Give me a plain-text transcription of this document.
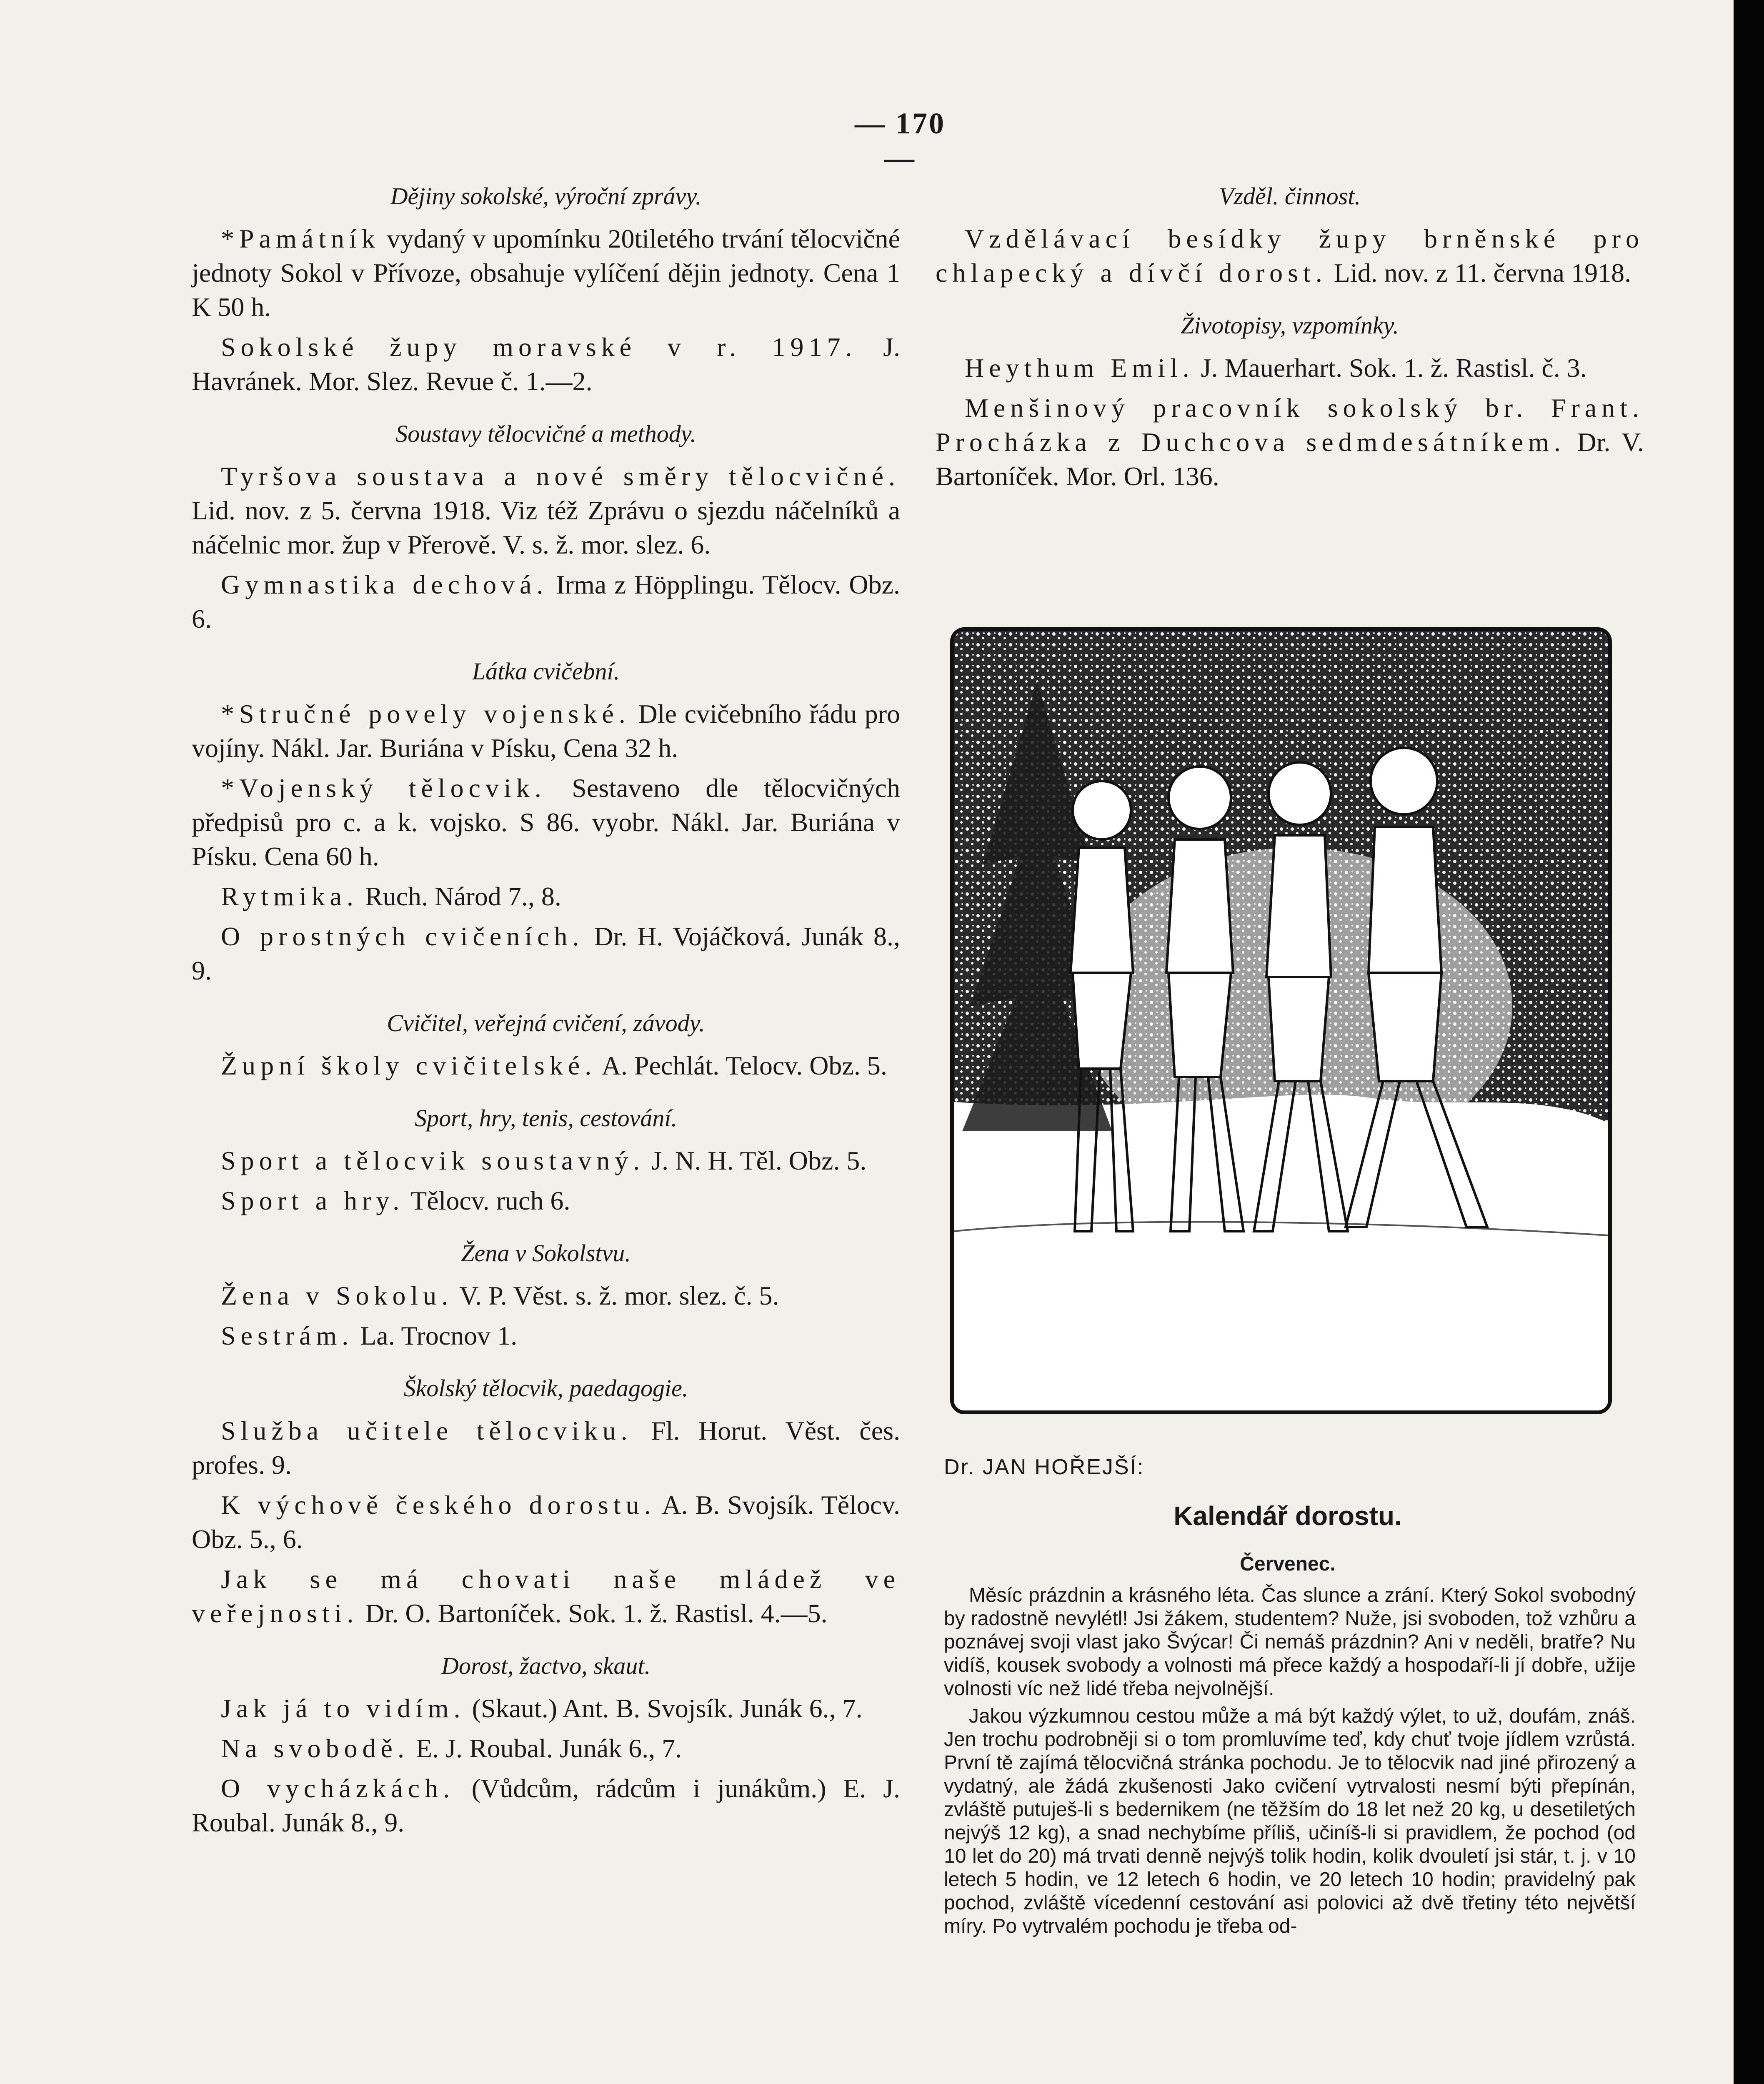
— 170 —
Dějiny sokolské, výroční zprávy.
*Památník vydaný v upomínku 20tiletého trvání tělocvičné jednoty Sokol v Přívoze, obsahuje vylíčení dějin jednoty. Cena 1 K 50 h.
Sokolské župy moravské v r. 1917. J. Havránek. Mor. Slez. Revue č. 1.—2.
Soustavy tělocvičné a methody.
Tyršova soustava a nové směry tělocvičné. Lid. nov. z 5. června 1918. Viz též Zprávu o sjezdu náčelníků a náčelnic mor. žup v Přerově. V. s. ž. mor. slez. 6.
Gymnastika dechová. Irma z Höpplingu. Tělocv. Obz. 6.
Látka cvičební.
*Stručné povely vojenské. Dle cvičebního řádu pro vojíny. Nákl. Jar. Buriána v Písku, Cena 32 h.
*Vojenský tělocvik. Sestaveno dle tělocvičných předpisů pro c. a k. vojsko. S 86. vyobr. Nákl. Jar. Buriána v Písku. Cena 60 h.
Rytmika. Ruch. Národ 7., 8.
O prostných cvičeních. Dr. H. Vojáčková. Junák 8., 9.
Cvičitel, veřejná cvičení, závody.
Župní školy cvičitelské. A. Pechlát. Telocv. Obz. 5.
Sport, hry, tenis, cestování.
Sport a tělocvik soustavný. J. N. H. Těl. Obz. 5.
Sport a hry. Tělocv. ruch 6.
Žena v Sokolstvu.
Žena v Sokolu. V. P. Věst. s. ž. mor. slez. č. 5.
Sestrám. La. Trocnov 1.
Školský tělocvik, paedagogie.
Služba učitele tělocviku. Fl. Horut. Věst. čes. profes. 9.
K výchově českého dorostu. A. B. Svojsík. Tělocv. Obz. 5., 6.
Jak se má chovati naše mládež ve veřejnosti. Dr. O. Bartoníček. Sok. 1. ž. Rastisl. 4.—5.
Dorost, žactvo, skaut.
Jak já to vidím. (Skaut.) Ant. B. Svojsík. Junák 6., 7.
Na svobodě. E. J. Roubal. Junák 6., 7.
O vycházkách. (Vůdcům, rádcům i junákům.) E. J. Roubal. Junák 8., 9.
Vzděl. činnost.
Vzdělávací besídky župy brněnské pro chlapecký a dívčí dorost. Lid. nov. z 11. června 1918.
Životopisy, vzpomínky.
Heythum Emil. J. Mauerhart. Sok. 1. ž. Rastisl. č. 3.
Menšinový pracovník sokolský br. Frant. Procházka z Duchcova sedmdesátníkem. Dr. V. Bartoníček. Mor. Orl. 136.
Dr. JAN HOŘEJŠÍ:
Kalendář dorostu.
Červenec.

Měsíc prázdnin a krásného léta. Čas slunce a zrání. Který Sokol svobodný by radostně nevylétl! Jsi žákem, studentem? Nuže, jsi svoboden, tož vzhůru a poznávej svoji vlast jako Švýcar! Či nemáš prázdnin? Ani v neděli, bratře? Nu vidíš, kousek svobody a volnosti má přece každý a hospodaří-li jí dobře, užije volnosti víc než lidé třeba nejvolnější.

Jakou výzkumnou cestou může a má být každý výlet, to už, doufám, znáš. Jen trochu podrobněji si o tom promluvíme teď, kdy chuť tvoje jídlem vzrůstá. První tě zajímá tělocvičná stránka pochodu. Je to tělocvik nad jiné přirozený a vydatný, ale žádá zkušenosti Jako cvičení vytrvalosti nesmí býti přepínán, zvláště putuješ-li s bedernikem (ne těžším do 18 let než 20 kg, u desetiletých nejvýš 12 kg), a snad nechybíme příliš, učiníš-li si pravidlem, že pochod (od 10 let do 20) má trvati denně nejvýš tolik hodin, kolik dvouletí jsi stár, t. j. v 10 letech 5 hodin, ve 12 letech 6 hodin, ve 20 letech 10 hodin; pravidelný pak pochod, zvláště vícedenní cestování asi polovici až dvě třetiny této největší míry. Po vytrvalém pochodu je třeba od-
